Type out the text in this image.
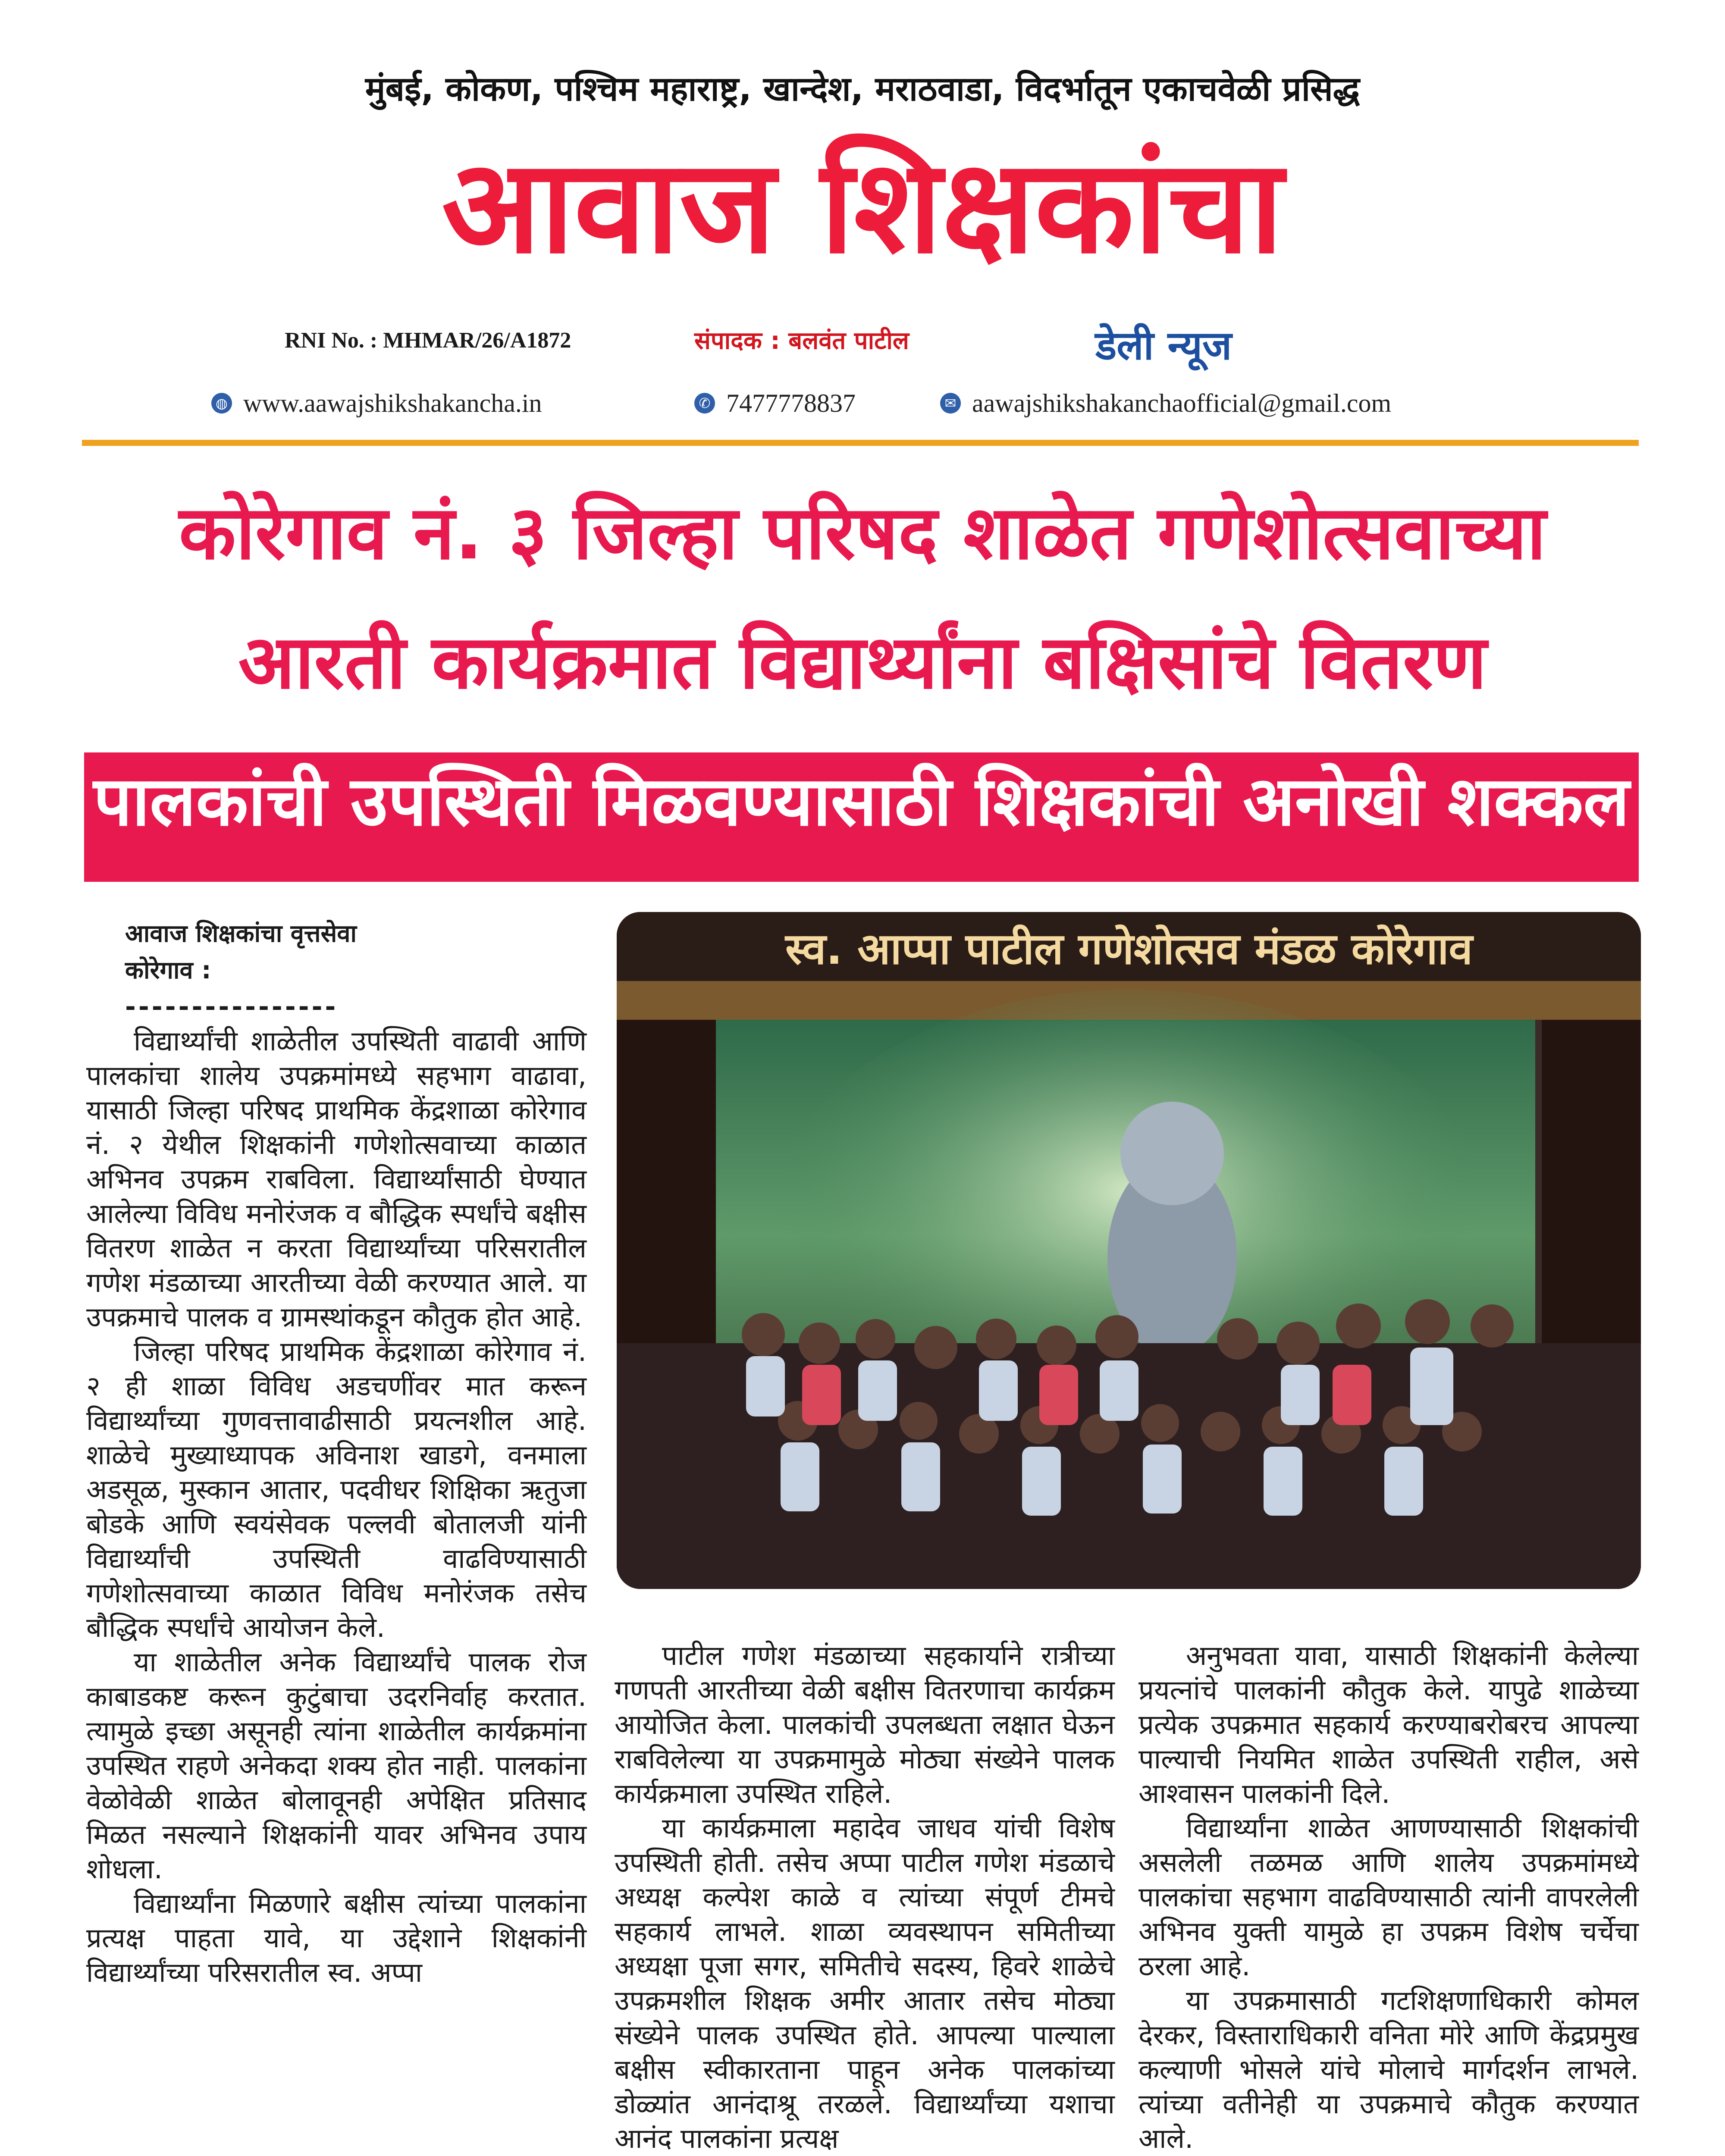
मुंबई, कोकण, पश्चिम महाराष्ट्र, खान्देश, मराठवाडा, विदर्भातून एकाचवेळी प्रसिद्ध
आवाज शिक्षकांचा
RNI No. : MHMAR/26/A1872	संपादक : बलवंत पाटील	डेली न्यूज
◍ www.aawajshikshakancha.in	✆ 7477778837	✉ aawajshikshakanchaofficial@gmail.com
कोरेगाव नं. ३ जिल्हा परिषद शाळेत गणेशोत्सवाच्या
आरती कार्यक्रमात विद्यार्थ्यांना बक्षिसांचे वितरण
पालकांची उपस्थिती मिळवण्यासाठी शिक्षकांची अनोखी शक्कल
आवाज शिक्षकांचा वृत्तसेवा
कोरेगाव :
----------------
स्व. आप्पा पाटील गणेशोत्सव मंडळ कोरेगाव

विद्यार्थ्यांची शाळेतील उपस्थिती वाढावी आणि पालकांचा शालेय उपक्रमांमध्ये सहभाग वाढावा, यासाठी जिल्हा परिषद प्राथमिक केंद्रशाळा कोरेगाव नं. २ येथील शिक्षकांनी गणेशोत्सवाच्या काळात अभिनव उपक्रम राबविला. विद्यार्थ्यांसाठी घेण्यात आलेल्या विविध मनोरंजक व बौद्धिक स्पर्धांचे बक्षीस वितरण शाळेत न करता विद्यार्थ्यांच्या परिसरातील गणेश मंडळाच्या आरतीच्या वेळी करण्यात आले. या उपक्रमाचे पालक व ग्रामस्थांकडून कौतुक होत आहे.

जिल्हा परिषद प्राथमिक केंद्रशाळा कोरेगाव नं. २ ही शाळा विविध अडचणींवर मात करून विद्यार्थ्यांच्या गुणवत्तावाढीसाठी प्रयत्नशील आहे. शाळेचे मुख्याध्यापक अविनाश खाडगे, वनमाला अडसूळ, मुस्कान आतार, पदवीधर शिक्षिका ऋतुजा बोडके आणि स्वयंसेवक पल्लवी बोतालजी यांनी विद्यार्थ्यांची उपस्थिती वाढविण्यासाठी गणेशोत्सवाच्या काळात विविध मनोरंजक तसेच बौद्धिक स्पर्धांचे आयोजन केले.

या शाळेतील अनेक विद्यार्थ्यांचे पालक रोज काबाडकष्ट करून कुटुंबाचा उदरनिर्वाह करतात. त्यामुळे इच्छा असूनही त्यांना शाळेतील कार्यक्रमांना उपस्थित राहणे अनेकदा शक्य होत नाही. पालकांना वेळोवेळी शाळेत बोलावूनही अपेक्षित प्रतिसाद मिळत नसल्याने शिक्षकांनी यावर अभिनव उपाय शोधला.

विद्यार्थ्यांना मिळणारे बक्षीस त्यांच्या पालकांना प्रत्यक्ष पाहता यावे, या उद्देशाने शिक्षकांनी विद्यार्थ्यांच्या परिसरातील स्व. अप्पा

पाटील गणेश मंडळाच्या सहकार्याने रात्रीच्या गणपती आरतीच्या वेळी बक्षीस वितरणाचा कार्यक्रम आयोजित केला. पालकांची उपलब्धता लक्षात घेऊन राबविलेल्या या उपक्रमामुळे मोठ्या संख्येने पालक कार्यक्रमाला उपस्थित राहिले.

या कार्यक्रमाला महादेव जाधव यांची विशेष उपस्थिती होती. तसेच अप्पा पाटील गणेश मंडळाचे अध्यक्ष कल्पेश काळे व त्यांच्या संपूर्ण टीमचे सहकार्य लाभले. शाळा व्यवस्थापन समितीच्या अध्यक्षा पूजा सगर, समितीचे सदस्य, हिवरे शाळेचे उपक्रमशील शिक्षक अमीर आतार तसेच मोठ्या संख्येने पालक उपस्थित होते. आपल्या पाल्याला बक्षीस स्वीकारताना पाहून अनेक पालकांच्या डोळ्यांत आनंदाश्रू तरळले. विद्यार्थ्यांच्या यशाचा आनंद पालकांना प्रत्यक्ष

अनुभवता यावा, यासाठी शिक्षकांनी केलेल्या प्रयत्नांचे पालकांनी कौतुक केले. यापुढे शाळेच्या प्रत्येक उपक्रमात सहकार्य करण्याबरोबरच आपल्या पाल्याची नियमित शाळेत उपस्थिती राहील, असे आश्वासन पालकांनी दिले.

विद्यार्थ्यांना शाळेत आणण्यासाठी शिक्षकांची असलेली तळमळ आणि शालेय उपक्रमांमध्ये पालकांचा सहभाग वाढविण्यासाठी त्यांनी वापरलेली अभिनव युक्ती यामुळे हा उपक्रम विशेष चर्चेचा ठरला आहे.

या उपक्रमासाठी गटशिक्षणाधिकारी कोमल देरकर, विस्ताराधिकारी वनिता मोरे आणि केंद्रप्रमुख कल्याणी भोसले यांचे मोलाचे मार्गदर्शन लाभले. त्यांच्या वतीनेही या उपक्रमाचे कौतुक करण्यात आले.
